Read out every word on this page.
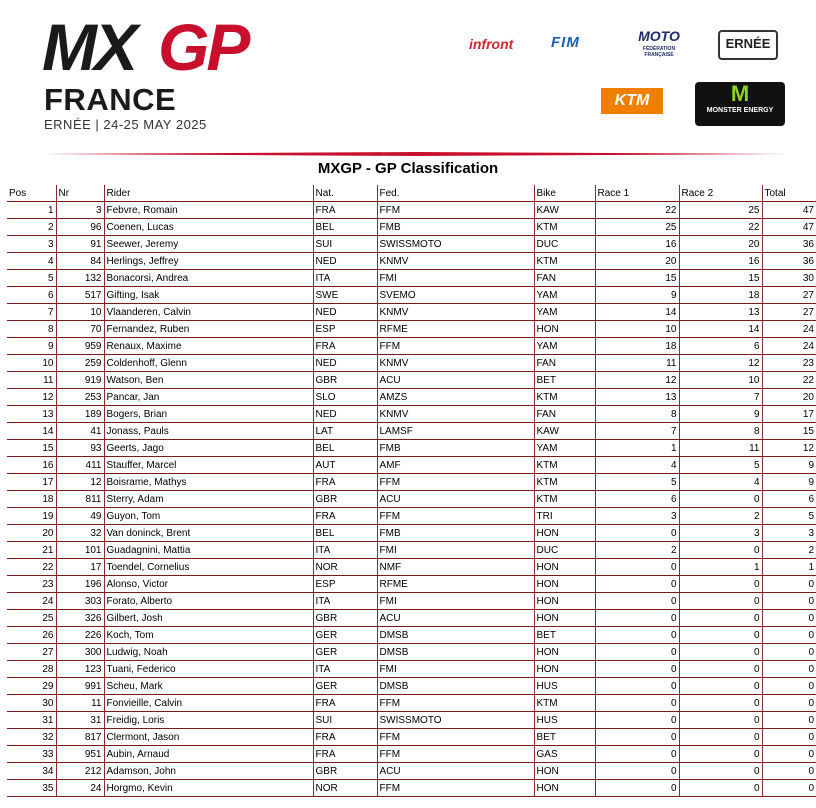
MX GP
FRANCE
ERNÉE | 24-25 MAY 2025
infront	FIM	MOTO
FÉDÉRATION FRANÇAISE
ERNÉE
KTM	M
MONSTER ENERGY
MXGP - GP Classification
Pos	Nr	Rider	Nat.	Fed.	Bike	Race 1	Race 2	Total
1	3	Febvre, Romain	FRA	FFM	KAW	22	25	47
2	96	Coenen, Lucas	BEL	FMB	KTM	25	22	47
3	91	Seewer, Jeremy	SUI	SWISSMOTO	DUC	16	20	36
4	84	Herlings, Jeffrey	NED	KNMV	KTM	20	16	36
5	132	Bonacorsi, Andrea	ITA	FMI	FAN	15	15	30
6	517	Gifting, Isak	SWE	SVEMO	YAM	9	18	27
7	10	Vlaanderen, Calvin	NED	KNMV	YAM	14	13	27
8	70	Fernandez, Ruben	ESP	RFME	HON	10	14	24
9	959	Renaux, Maxime	FRA	FFM	YAM	18	6	24
10	259	Coldenhoff, Glenn	NED	KNMV	FAN	11	12	23
11	919	Watson, Ben	GBR	ACU	BET	12	10	22
12	253	Pancar, Jan	SLO	AMZS	KTM	13	7	20
13	189	Bogers, Brian	NED	KNMV	FAN	8	9	17
14	41	Jonass, Pauls	LAT	LAMSF	KAW	7	8	15
15	93	Geerts, Jago	BEL	FMB	YAM	1	11	12
16	411	Stauffer, Marcel	AUT	AMF	KTM	4	5	9
17	12	Boisrame, Mathys	FRA	FFM	KTM	5	4	9
18	811	Sterry, Adam	GBR	ACU	KTM	6	0	6
19	49	Guyon, Tom	FRA	FFM	TRI	3	2	5
20	32	Van doninck, Brent	BEL	FMB	HON	0	3	3
21	101	Guadagnini, Mattia	ITA	FMI	DUC	2	0	2
22	17	Toendel, Cornelius	NOR	NMF	HON	0	1	1
23	196	Alonso, Victor	ESP	RFME	HON	0	0	0
24	303	Forato, Alberto	ITA	FMI	HON	0	0	0
25	326	Gilbert, Josh	GBR	ACU	HON	0	0	0
26	226	Koch, Tom	GER	DMSB	BET	0	0	0
27	300	Ludwig, Noah	GER	DMSB	HON	0	0	0
28	123	Tuani, Federico	ITA	FMI	HON	0	0	0
29	991	Scheu, Mark	GER	DMSB	HUS	0	0	0
30	11	Fonvieille, Calvin	FRA	FFM	KTM	0	0	0
31	31	Freidig, Loris	SUI	SWISSMOTO	HUS	0	0	0
32	817	Clermont, Jason	FRA	FFM	BET	0	0	0
33	951	Aubin, Arnaud	FRA	FFM	GAS	0	0	0
34	212	Adamson, John	GBR	ACU	HON	0	0	0
35	24	Horgmo, Kevin	NOR	FFM	HON	0	0	0
